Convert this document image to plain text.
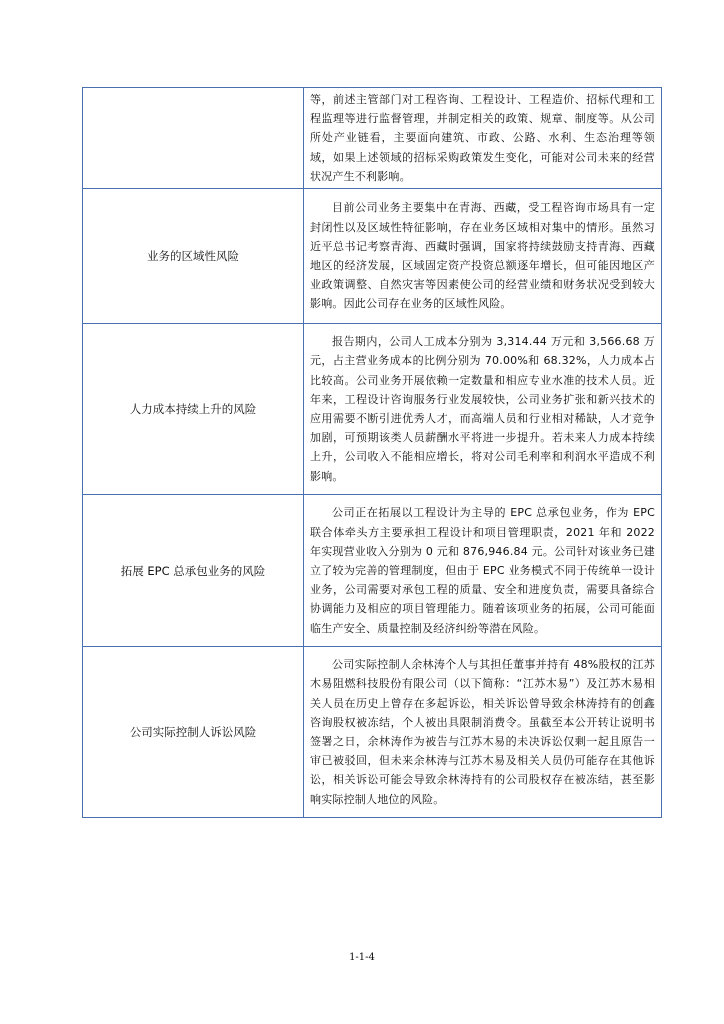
	等，前述主管部门对工程咨询、工程设计、工程造价、招标代理和工程监理等进行监督管理，并制定相关的政策、规章、制度等。从公司所处产业链看，主要面向建筑、市政、公路、水利、生态治理等领域，如果上述领域的招标采购政策发生变化，可能对公司未来的经营状况产生不利影响。

业务的区域性风险	目前公司业务主要集中在青海、西藏，受工程咨询市场具有一定封闭性以及区域性特征影响，存在业务区域相对集中的情形。虽然习近平总书记考察青海、西藏时强调，国家将持续鼓励支持青海、西藏地区的经济发展，区域固定资产投资总额逐年增长，但可能因地区产业政策调整、自然灾害等因素使公司的经营业绩和财务状况受到较大影响。因此公司存在业务的区域性风险。

人力成本持续上升的风险	报告期内，公司人工成本分别为 3,314.44 万元和 3,566.68 万元，占主营业务成本的比例分别为 70.00%和 68.32%，人力成本占比较高。公司业务开展依赖一定数量和相应专业水准的技术人员。近年来，工程设计咨询服务行业发展较快，公司业务扩张和新兴技术的应用需要不断引进优秀人才，而高端人员和行业相对稀缺，人才竞争加剧，可预期该类人员薪酬水平将进一步提升。若未来人力成本持续上升，公司收入不能相应增长，将对公司毛利率和利润水平造成不利影响。

拓展 EPC 总承包业务的风险	公司正在拓展以工程设计为主导的 EPC 总承包业务，作为 EPC 联合体牵头方主要承担工程设计和项目管理职责，2021 年和 2022 年实现营业收入分别为 0 元和 876,946.84 元。公司针对该业务已建立了较为完善的管理制度，但由于 EPC 业务模式不同于传统单一设计业务，公司需要对承包工程的质量、安全和进度负责，需要具备综合协调能力及相应的项目管理能力。随着该项业务的拓展，公司可能面临生产安全、质量控制及经济纠纷等潜在风险。

公司实际控制人诉讼风险	公司实际控制人余林涛个人与其担任董事并持有 48%股权的江苏木易阻燃科技股份有限公司（以下简称：“江苏木易”）及江苏木易相关人员在历史上曾存在多起诉讼，相关诉讼曾导致余林涛持有的创鑫咨询股权被冻结，个人被出具限制消费令。虽截至本公开转让说明书签署之日，余林涛作为被告与江苏木易的未决诉讼仅剩一起且原告一审已被驳回，但未来余林涛与江苏木易及相关人员仍可能存在其他诉讼，相关诉讼可能会导致余林涛持有的公司股权存在被冻结，甚至影响实际控制人地位的风险。

1-1-4
